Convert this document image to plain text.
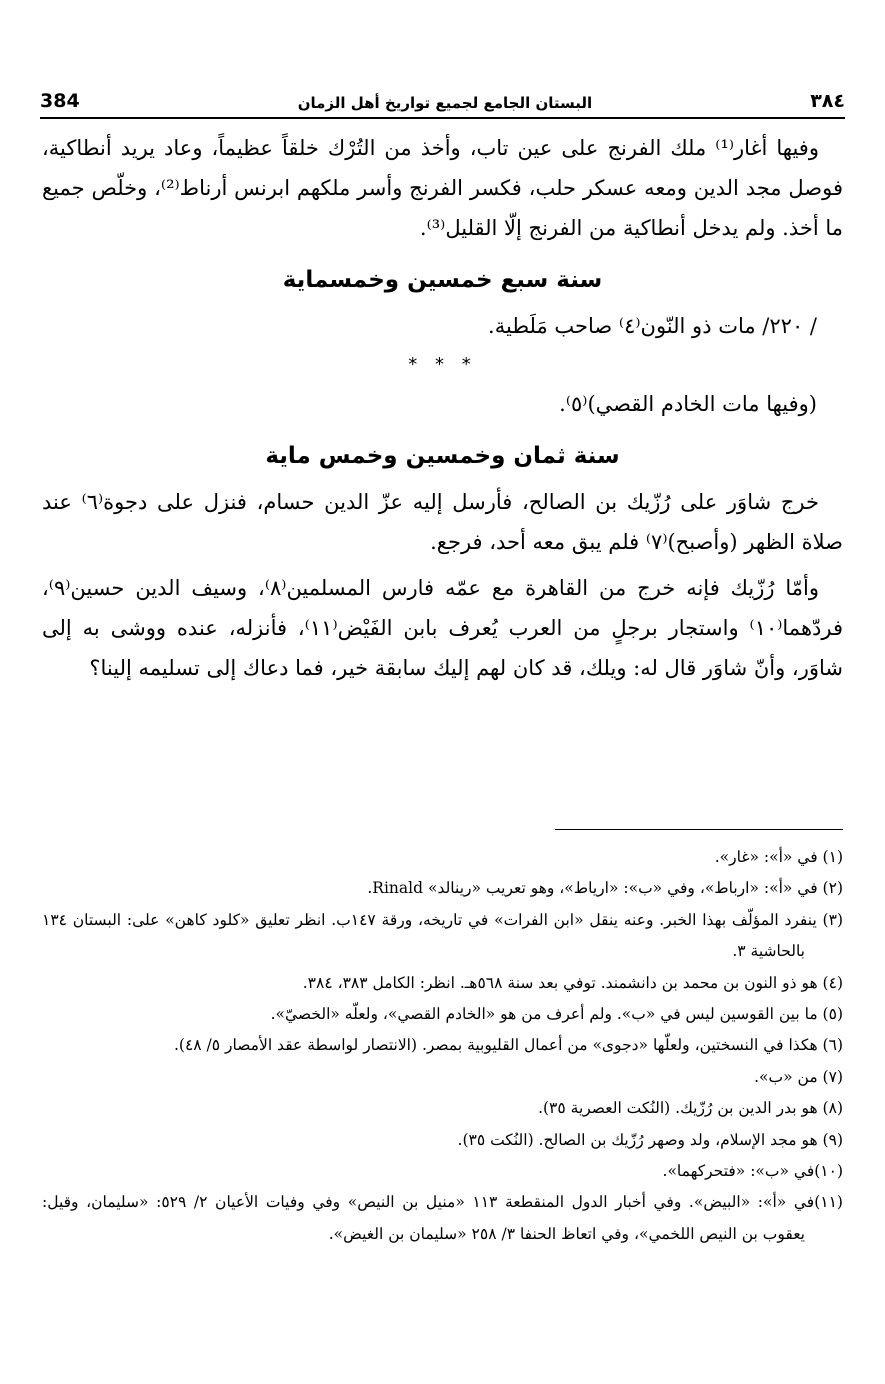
384	البستان الجامع لجميع تواريخ أهل الزمان	٣٨٤

وفيها أغار⁽¹⁾ ملك الفرنج على عين تاب، وأخذ من التُرْك خلقاً عظيماً، وعاد يريد أنطاكية، فوصل مجد الدين ومعه عسكر حلب، فكسر الفرنج وأسر ملكهم ابرنس أرناط⁽²⁾، وخلّص جميع ما أخذ. ولم يدخل أنطاكية من الفرنج إلّا القليل⁽³⁾.

سنة سبع خمسين وخمسماية

/ ٢٢٠/ مات ذو النّون⁽٤⁾ صاحب مَلَطية.

* * *

(وفيها مات الخادم القصي)⁽٥⁾.

سنة ثمان وخمسين وخمس ماية

خرج شاوَر على رُزّيك بن الصالح، فأرسل إليه عزّ الدين حسام، فنزل على دجوة⁽٦⁾ عند صلاة الظهر (وأصبح)⁽٧⁾ فلم يبق معه أحد، فرجع.

وأمّا رُزّيك فإنه خرج من القاهرة مع عمّه فارس المسلمين⁽٨⁾، وسيف الدين حسين⁽٩⁾، فردّهما⁽١٠⁾ واستجار برجلٍ من العرب يُعرف بابن الفَيْض⁽١١⁾، فأنزله، عنده ووشى به إلى شاوَر، وأنّ شاوَر قال له: ويلك، قد كان لهم إليك سابقة خير، فما دعاك إلى تسليمه إلينا؟

(١) في «أ»: «غار».

(٢) في «أ»: «ارباط»، وفي «ب»: «ارياط»، وهو تعريب «رينالد» Rinald.

(٣) ينفرد المؤلّف بهذا الخبر. وعنه ينقل «ابن الفرات» في تاريخه، ورقة ١٤٧ب. انظر تعليق «كلود كاهن» على: البستان ١٣٤ بالحاشية ٣.

(٤) هو ذو النون بن محمد بن دانشمند. توفي بعد سنة ٥٦٨هـ. انظر: الكامل ٣٨٣، ٣٨٤.

(٥) ما بين القوسين ليس في «ب». ولم أعرف من هو «الخادم القصي»، ولعلّه «الخصيّ».

(٦) هكذا في النسختين، ولعلّها «دجوى» من أعمال القليوبية بمصر. (الانتصار لواسطة عقد الأمصار ٥/ ٤٨).

(٧) من «ب».

(٨) هو بدر الدين بن رُزّيك. (النُكت العصرية ٣٥).

(٩) هو مجد الإسلام، ولد وصهر رُزّيك بن الصالح. (النُكت ٣٥).

(١٠)في «ب»: «فتحركهما».

(١١)في «أ»: «البيض». وفي أخبار الدول المنقطعة ١١٣ «منيل بن النيص» وفي وفيات الأعيان ٢/ ٥٢٩: «سليمان، وقيل: يعقوب بن النيص اللخمي»، وفي اتعاظ الحنفا ٣/ ٢٥٨ «سليمان بن الغيض».
